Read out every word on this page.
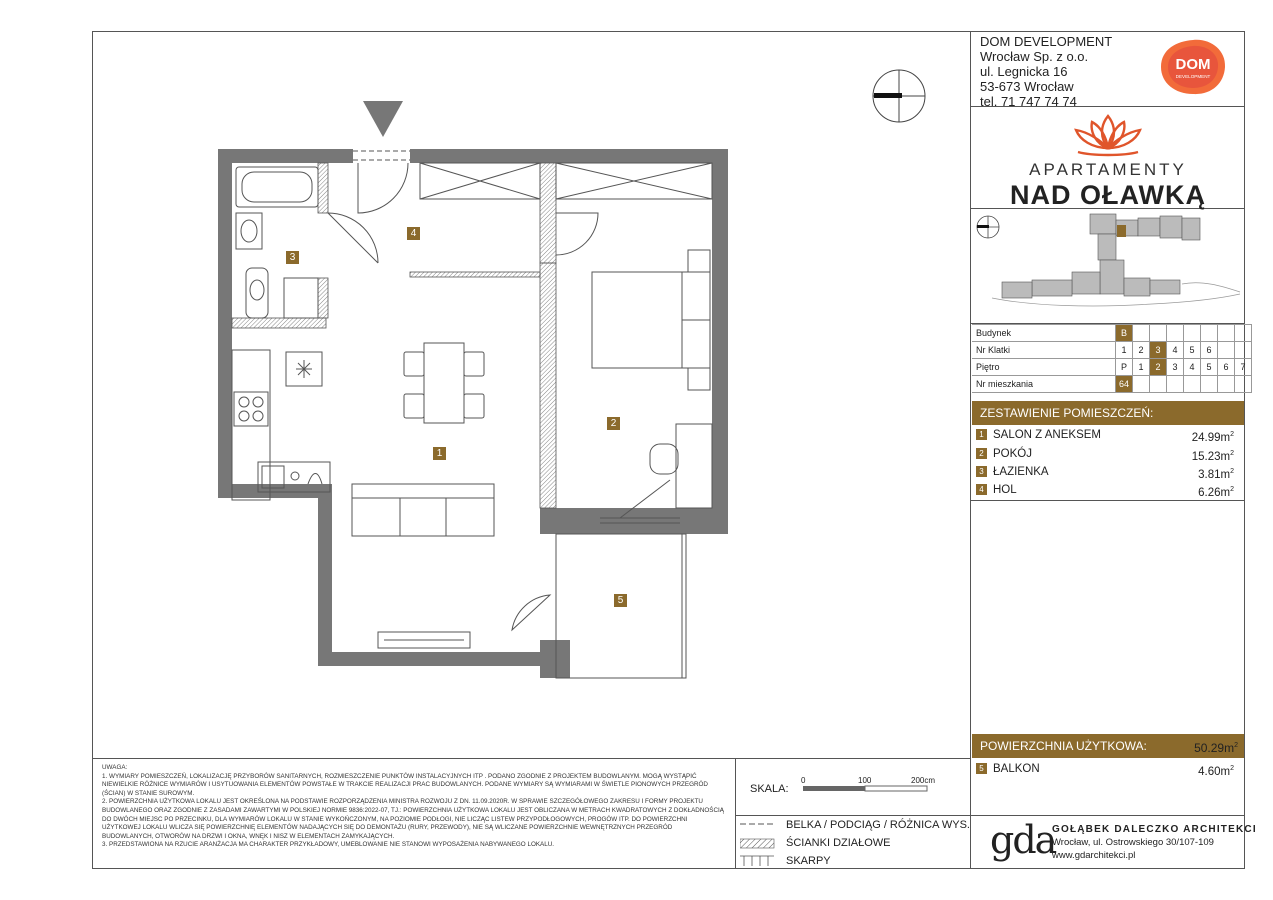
DOM DEVELOPMENT
Wrocław Sp. z o.o.
ul. Legnicka 16
53-673 Wrocław
tel. 71 747 74 74
DOM
DEVELOPMENT
APARTAMENTY
NAD OŁAWKĄ
Budynek	B							
Nr Klatki	1	2	3	4	5	6		
Piętro	P	1	2	3	4	5	6	7
Nr mieszkania	64							
ZESTAWIENIE POMIESZCZEŃ:
1 SALON Z ANEKSEM	$24.99m^2$
2 POKÓJ	$15.23m^2$
3 ŁAZIENKA	$3.81m^2$
4 HOL	$6.26m^2$
POWIERZCHNIA UŻYTKOWA:	$50.29m^2$
5 BALKON	$4.60m^2$

UWAGA:

1. WYMIARY POMIESZCZEŃ, LOKALIZACJĘ PRZYBORÓW SANITARNYCH, ROZMIESZCZENIE PUNKTÓW INSTALACYJNYCH ITP . PODANO ZGODNIE Z PROJEKTEM BUDOWLANYM. MOGĄ WYSTĄPIĆ NIEWIELKIE RÓŻNICE WYMIARÓW I USYTUOWANIA ELEMENTÓW POWSTAŁE W TRAKCIE REALIZACJI PRAC BUDOWLANYCH. PODANE WYMIARY SĄ WYMIARAMI W ŚWIETLE PIONOWYCH PRZEGRÓD (ŚCIAN) W STANIE SUROWYM.

2. POWIERZCHNIA UŻYTKOWA LOKALU JEST OKREŚLONA NA PODSTAWIE ROZPORZĄDZENIA MINISTRA ROZWOJU Z DN. 11.09.2020R. W SPRAWIE SZCZEGÓŁOWEGO ZAKRESU I FORMY PROJEKTU BUDOWLANEGO ORAZ ZGODNIE Z ZASADAMI ZAWARTYMI W POLSKIEJ NORMIE 9836:2022-07, TJ.: POWIERZCHNIA UŻYTKOWA LOKALU JEST OBLICZANA W METRACH KWADRATOWYCH Z DOKŁADNOŚCIĄ DO DWÓCH MIEJSC PO PRZECINKU, DLA WYMIARÓW LOKALU W STANIE WYKOŃCZONYM, NA POZIOMIE PODŁOGI, NIE LICZĄC LISTEW PRZYPODŁOGOWYCH, PROGÓW ITP. DO POWIERZCHNI UŻYTKOWEJ LOKALU WLICZA SIĘ POWIERZCHNIĘ ELEMENTÓW NADAJĄCYCH SIĘ DO DEMONTAŻU (RURY, PRZEWODY), NIE SĄ WLICZANE POWIERZCHNIE WEWNĘTRZNYCH PRZEGRÓD BUDOWLANYCH, OTWORÓW NA DRZWI I OKNA, WNĘK I NISZ W ELEMENTACH ZAMYKAJĄCYCH.

3. PRZEDSTAWIONA NA RZUCIE ARANŻACJA MA CHARAKTER PRZYKŁADOWY, UMEBLOWANIE NIE STANOWI WYPOSAŻENIA NABYWANEGO LOKALU.

SKALA:
0	100	200cm
BELKA / PODCIĄG / RÓŻNICA WYS.
ŚCIANKI DZIAŁOWE
SKARPY	gda
GOŁĄBEK DALECZKO ARCHITEKCI
Wrocław, ul. Ostrowskiego 30/107-109
www.gdarchitekci.pl
1
2
3
4
5
